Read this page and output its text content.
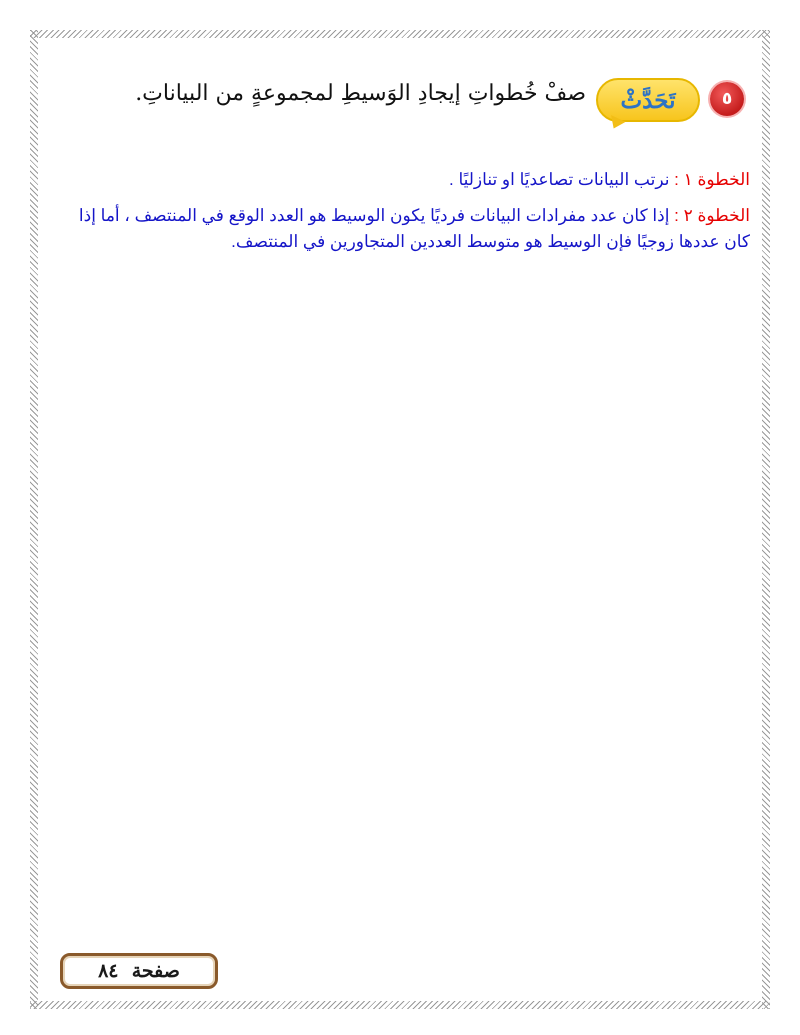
٥
تَحَدَّثْ
صفْ خُطواتِ إيجادِ الوَسيطِ لمجموعةٍ من البياناتِ.

الخطوة ١ : نرتب البيانات تصاعديًا او تنازليًا .

الخطوة ٢ : إذا كان عدد مفرادات البيانات فرديًا يكون الوسيط هو العدد الوقع في المنتصف ، أما إذا كان عددها زوجيًا فإن الوسيط هو متوسط العددين المتجاورين في المنتصف.

صفحة

٨٤
